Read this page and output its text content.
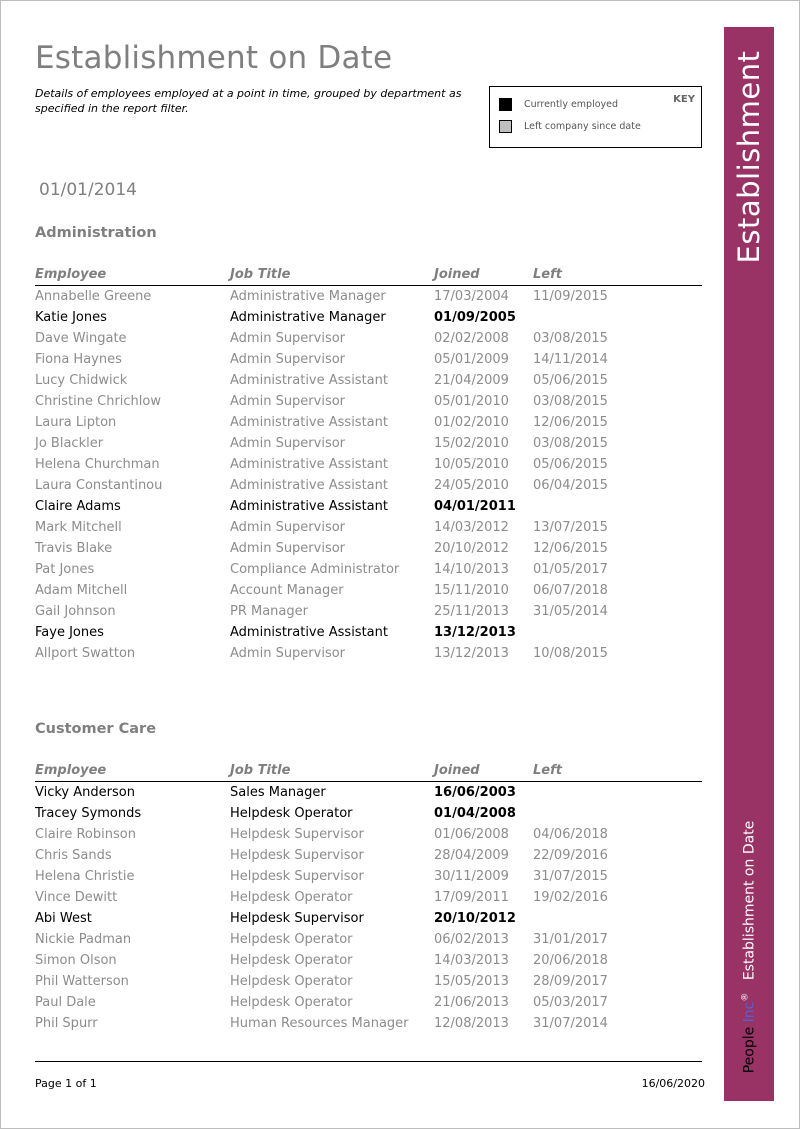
Establishment on Date
Details of employees employed at a point in time, grouped by department as specified in the report filter.
KEY
Currently employed
Left company since date
01/01/2014
Administration
Employee	Job Title	Joined	Left
Annabelle Greene	Administrative Manager	17/03/2004 11/09/2015
Katie Jones	Administrative Manager	01/09/2005
Dave Wingate	Admin Supervisor	02/02/2008 03/08/2015
Fiona Haynes	Admin Supervisor	05/01/2009 14/11/2014
Lucy Chidwick	Administrative Assistant	21/04/2009 05/06/2015
Christine Chrichlow	Admin Supervisor	05/01/2010 03/08/2015
Laura Lipton	Administrative Assistant	01/02/2010 12/06/2015
Jo Blackler	Admin Supervisor	15/02/2010 03/08/2015
Helena Churchman	Administrative Assistant	10/05/2010 05/06/2015
Laura Constantinou	Administrative Assistant	24/05/2010 06/04/2015
Claire Adams	Administrative Assistant	04/01/2011
Mark Mitchell	Admin Supervisor	14/03/2012 13/07/2015
Travis Blake	Admin Supervisor	20/10/2012 12/06/2015
Pat Jones	Compliance Administrator	14/10/2013 01/05/2017
Adam Mitchell	Account Manager	15/11/2010 06/07/2018
Gail Johnson	PR Manager	25/11/2013 31/05/2014
Faye Jones	Administrative Assistant	13/12/2013
Allport Swatton	Admin Supervisor	13/12/2013 10/08/2015
Customer Care
Employee	Job Title	Joined	Left
Vicky Anderson	Sales Manager	16/06/2003
Tracey Symonds	Helpdesk Operator	01/04/2008
Claire Robinson	Helpdesk Supervisor	01/06/2008 04/06/2018
Chris Sands	Helpdesk Supervisor	28/04/2009 22/09/2016
Helena Christie	Helpdesk Supervisor	30/11/2009 31/07/2015
Vince Dewitt	Helpdesk Operator	17/09/2011 19/02/2016
Abi West	Helpdesk Supervisor	20/10/2012
Nickie Padman	Helpdesk Operator	06/02/2013 31/01/2017
Simon Olson	Helpdesk Operator	14/03/2013 20/06/2018
Phil Watterson	Helpdesk Operator	15/05/2013 28/09/2017
Paul Dale	Helpdesk Operator	21/06/2013 05/03/2017
Phil Spurr	Human Resources Manager 12/08/2013 31/07/2014
Page 1 of 1	16/06/2020
Establishment
People Inc® Establishment on Date
